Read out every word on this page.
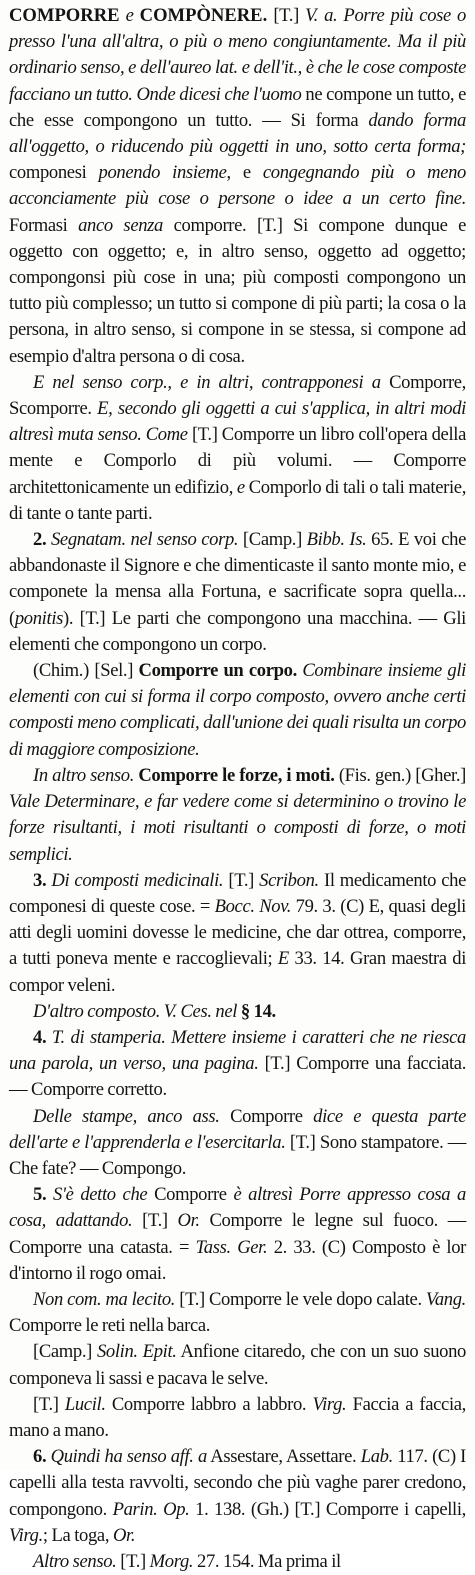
COMPORRE e COMPÒNERE. [T.] V. a. Porre più cose o presso l'una all'altra, o più o meno congiuntamente. Ma il più ordinario senso, e dell'aureo lat. e dell'it., è che le cose composte facciano un tutto. Onde dicesi che l'uomo ne compone un tutto, e che esse compongono un tutto. — Si forma dando forma all'oggetto, o riducendo più oggetti in uno, sotto certa forma; componesi ponendo insieme, e congegnando più o meno acconciamente più cose o persone o idee a un certo fine. Formasi anco senza comporre. [T.] Si compone dunque e oggetto con oggetto; e, in altro senso, oggetto ad oggetto; compongonsi più cose in una; più composti compongono un tutto più complesso; un tutto si compone di più parti; la cosa o la persona, in altro senso, si compone in se stessa, si compone ad esempio d'altra persona o di cosa.

E nel senso corp., e in altri, contrapponesi a Comporre, Scomporre. E, secondo gli oggetti a cui s'applica, in altri modi altresì muta senso. Come [T.] Comporre un libro coll'opera della mente e Comporlo di più volumi. — Comporre architettonicamente un edifizio, e Comporlo di tali o tali materie, di tante o tante parti.

2. Segnatam. nel senso corp. [Camp.] Bibb. Is. 65. E voi che abbandonaste il Signore e che dimenticaste il santo monte mio, e componete la mensa alla Fortuna, e sacrificate sopra quella... (ponitis). [T.] Le parti che compongono una macchina. — Gli elementi che compongono un corpo.

(Chim.) [Sel.] Comporre un corpo. Combinare insieme gli elementi con cui si forma il corpo composto, ovvero anche certi composti meno complicati, dall'unione dei quali risulta un corpo di maggiore composizione.

In altro senso. Comporre le forze, i moti. (Fis. gen.) [Gher.] Vale Determinare, e far vedere come si determinino o trovino le forze risultanti, i moti risultanti o composti di forze, o moti semplici.

3. Di composti medicinali. [T.] Scribon. Il medicamento che componesi di queste cose. = Bocc. Nov. 79. 3. (C) E, quasi degli atti degli uomini dovesse le medicine, che dar ottrea, comporre, a tutti poneva mente e raccoglievali; E 33. 14. Gran maestra di compor veleni.

D'altro composto. V. Ces. nel § 14.

4. T. di stamperia. Mettere insieme i caratteri che ne riesca una parola, un verso, una pagina. [T.] Comporre una facciata. — Comporre corretto.

Delle stampe, anco ass. Comporre dice e questa parte dell'arte e l'apprenderla e l'esercitarla. [T.] Sono stampatore. — Che fate? — Compongo.

5. S'è detto che Comporre è altresì Porre appresso cosa a cosa, adattando. [T.] Or. Comporre le legne sul fuoco. — Comporre una catasta. = Tass. Ger. 2. 33. (C) Composto è lor d'intorno il rogo omai.

Non com. ma lecito. [T.] Comporre le vele dopo calate. Vang. Comporre le reti nella barca.

[Camp.] Solin. Epit. Anfione citaredo, che con un suo suono componeva li sassi e pacava le selve.

[T.] Lucil. Comporre labbro a labbro. Virg. Faccia a faccia, mano a mano.

6. Quindi ha senso aff. a Assestare, Assettare. Lab. 117. (C) I capelli alla testa ravvolti, secondo che più vaghe parer credono, compongono. Parin. Op. 1. 138. (Gh.) [T.] Comporre i capelli, Virg.; La toga, Or.

Altro senso. [T.] Morg. 27. 154. Ma prima il
